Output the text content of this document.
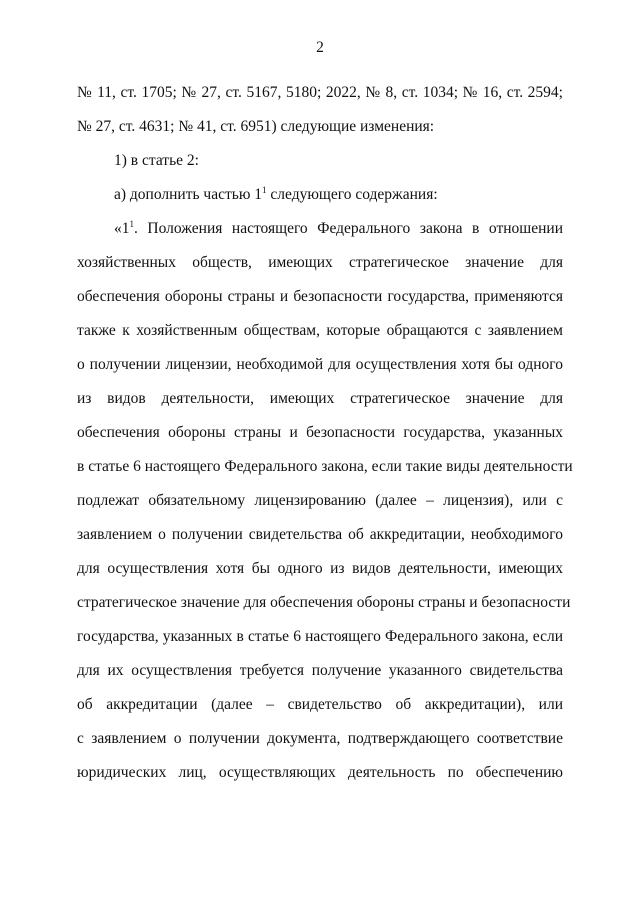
2
№ 11, ст. 1705; № 27, ст. 5167, 5180; 2022, № 8, ст. 1034; № 16, ст. 2594;
№ 27, ст. 4631; № 41, ст. 6951) следующие изменения:
1) в статье 2:
а) дополнить частью $1^1$ следующего содержания:
«$1^1$. Положения настоящего Федерального закона в отношении
хозяйственных обществ, имеющих стратегическое значение для
обеспечения обороны страны и безопасности государства, применяются
также к хозяйственным обществам, которые обращаются с заявлением
о получении лицензии, необходимой для осуществления хотя бы одного
из видов деятельности, имеющих стратегическое значение для
обеспечения обороны страны и безопасности государства, указанных
в статье 6 настоящего Федерального закона, если такие виды деятельности
подлежат обязательному лицензированию (далее – лицензия), или с
заявлением о получении свидетельства об аккредитации, необходимого
для осуществления хотя бы одного из видов деятельности, имеющих
стратегическое значение для обеспечения обороны страны и безопасности
государства, указанных в статье 6 настоящего Федерального закона, если
для их осуществления требуется получение указанного свидетельства
об аккредитации (далее – свидетельство об аккредитации), или
с заявлением о получении документа, подтверждающего соответствие
юридических лиц, осуществляющих деятельность по обеспечению
